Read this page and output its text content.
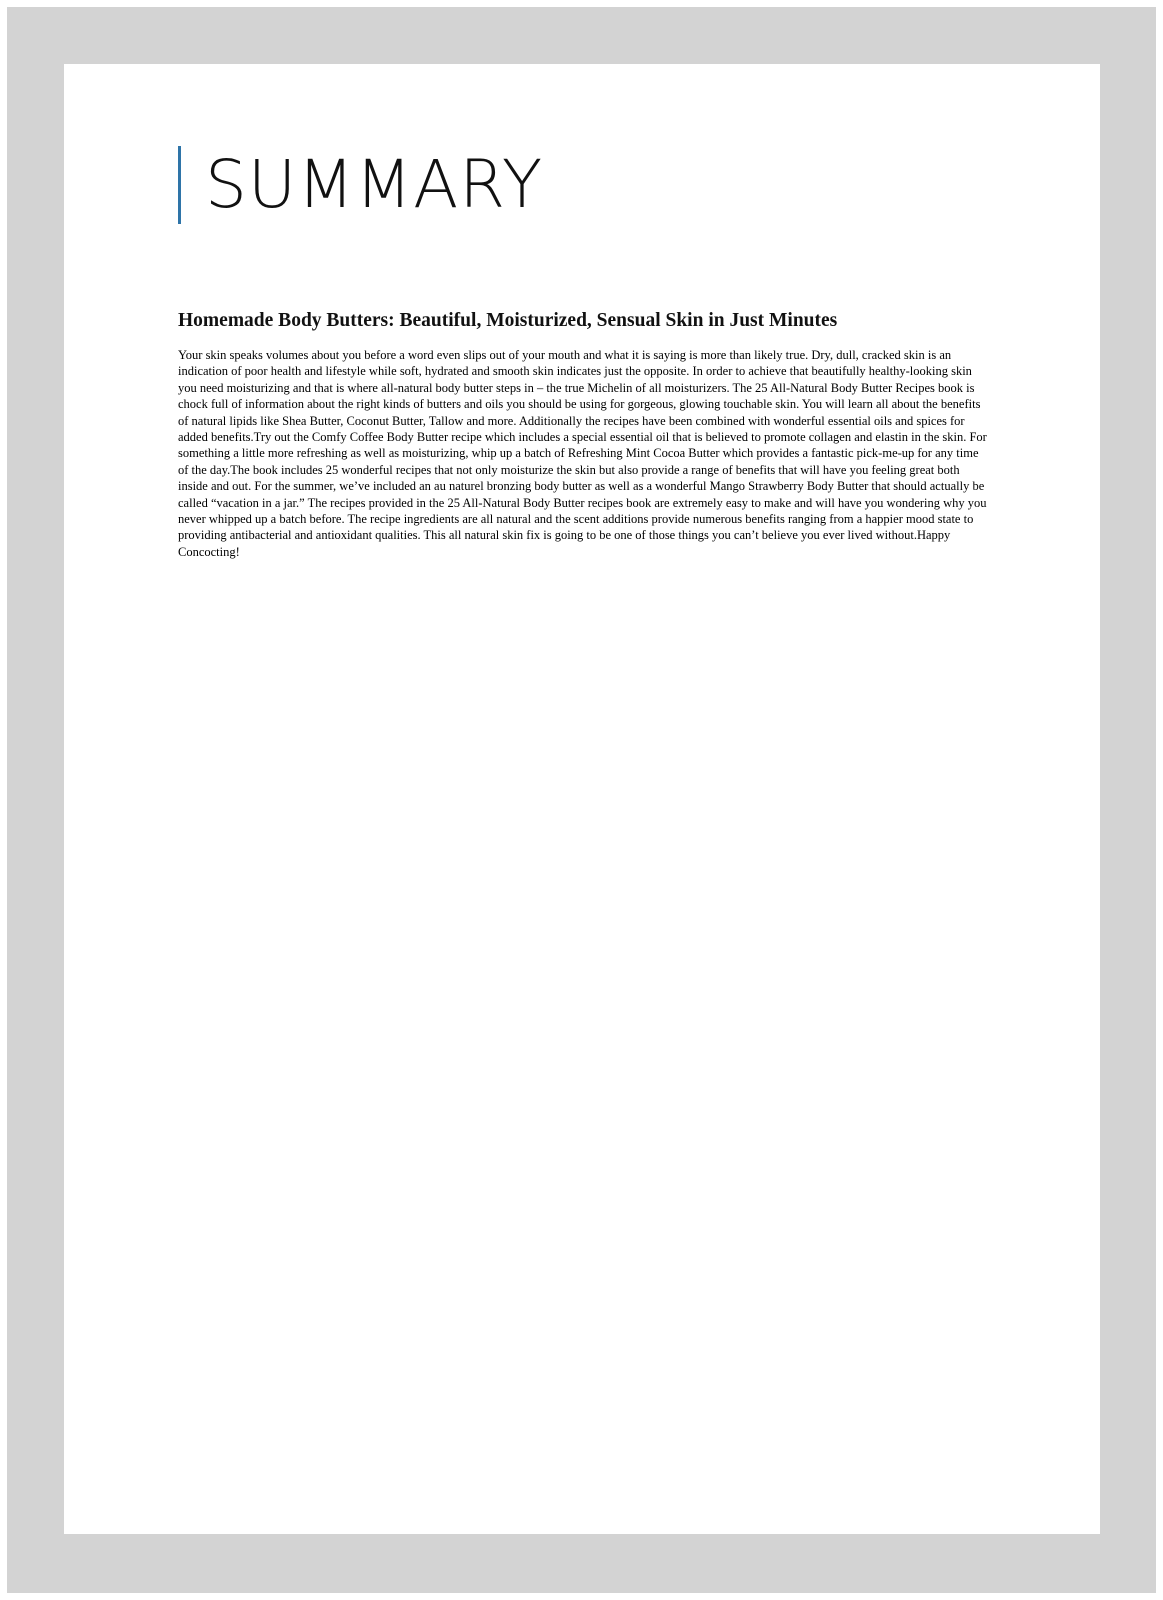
SUMMARY
Homemade Body Butters: Beautiful, Moisturized, Sensual Skin in Just Minutes

Your skin speaks volumes about you before a word even slips out of your mouth and what it is saying is more than likely true. Dry, dull, cracked skin is an indication of poor health and lifestyle while soft, hydrated and smooth skin indicates just the opposite. In order to achieve that beautifully healthy-looking skin you need moisturizing and that is where all-natural body butter steps in – the true Michelin of all moisturizers. The 25 All-Natural Body Butter Recipes book is chock full of information about the right kinds of butters and oils you should be using for gorgeous, glowing touchable skin. You will learn all about the benefits of natural lipids like Shea Butter, Coconut Butter, Tallow and more. Additionally the recipes have been combined with wonderful essential oils and spices for added benefits.Try out the Comfy Coffee Body Butter recipe which includes a special essential oil that is believed to promote collagen and elastin in the skin. For something a little more refreshing as well as moisturizing, whip up a batch of Refreshing Mint Cocoa Butter which provides a fantastic pick-me-up for any time of the day.The book includes 25 wonderful recipes that not only moisturize the skin but also provide a range of benefits that will have you feeling great both inside and out. For the summer, we’ve included an au naturel bronzing body butter as well as a wonderful Mango Strawberry Body Butter that should actually be called “vacation in a jar.” The recipes provided in the 25 All-Natural Body Butter recipes book are extremely easy to make and will have you wondering why you never whipped up a batch before. The recipe ingredients are all natural and the scent additions provide numerous benefits ranging from a happier mood state to providing antibacterial and antioxidant qualities. This all natural skin fix is going to be one of those things you can’t believe you ever lived without.Happy Concocting!
